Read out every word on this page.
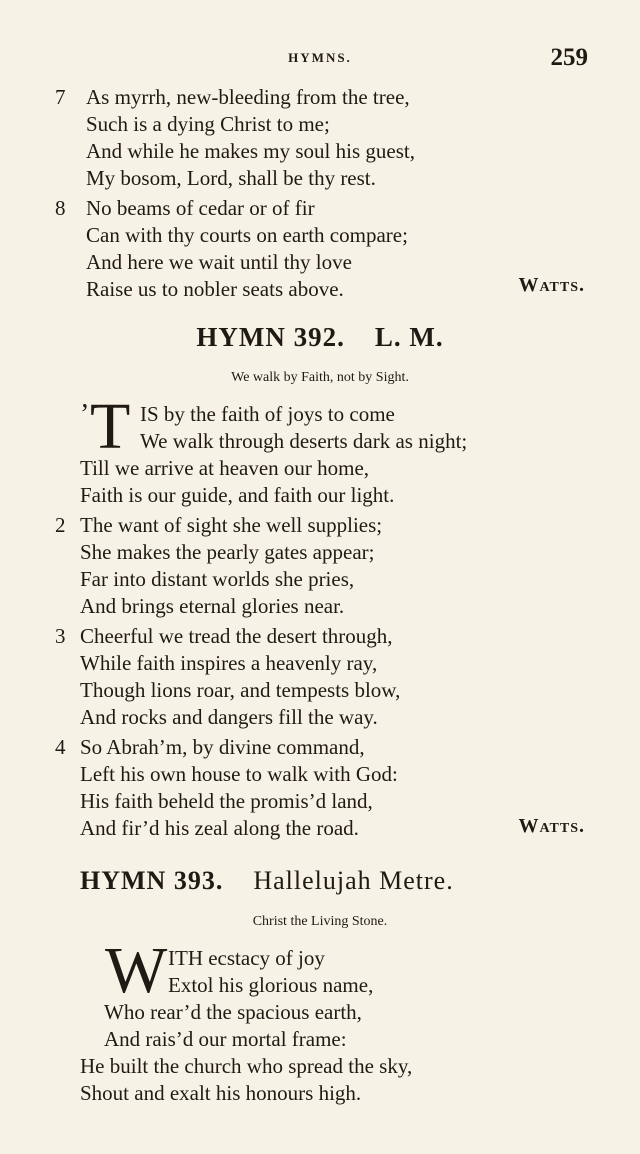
HYMNS.	259
7 As myrrh, new-bleeding from the tree,
Such is a dying Christ to me;
And while he makes my soul his guest,
My bosom, Lord, shall be thy rest.
8 No beams of cedar or of fir
Can with thy courts on earth compare;
And here we wait until thy love
Raise us to nobler seats above.	Watts.
HYMN 392. L. M.
We walk by Faith, not by Sight.
’ T IS by the faith of joys to come
We walk through deserts dark as night;
Till we arrive at heaven our home,
Faith is our guide, and faith our light.
2 The want of sight she well supplies;
She makes the pearly gates appear;
Far into distant worlds she pries,
And brings eternal glories near.
3 Cheerful we tread the desert through,
While faith inspires a heavenly ray,
Though lions roar, and tempests blow,
And rocks and dangers fill the way.
4 So Abrah’m, by divine command,
Left his own house to walk with God:
His faith beheld the promis’d land,
And fir’d his zeal along the road.	Watts.
HYMN 393. Hallelujah Metre.
Christ the Living Stone.
W ITH ecstacy of joy
Extol his glorious name,
Who rear’d the spacious earth,
And rais’d our mortal frame:
He built the church who spread the sky,
Shout and exalt his honours high.
